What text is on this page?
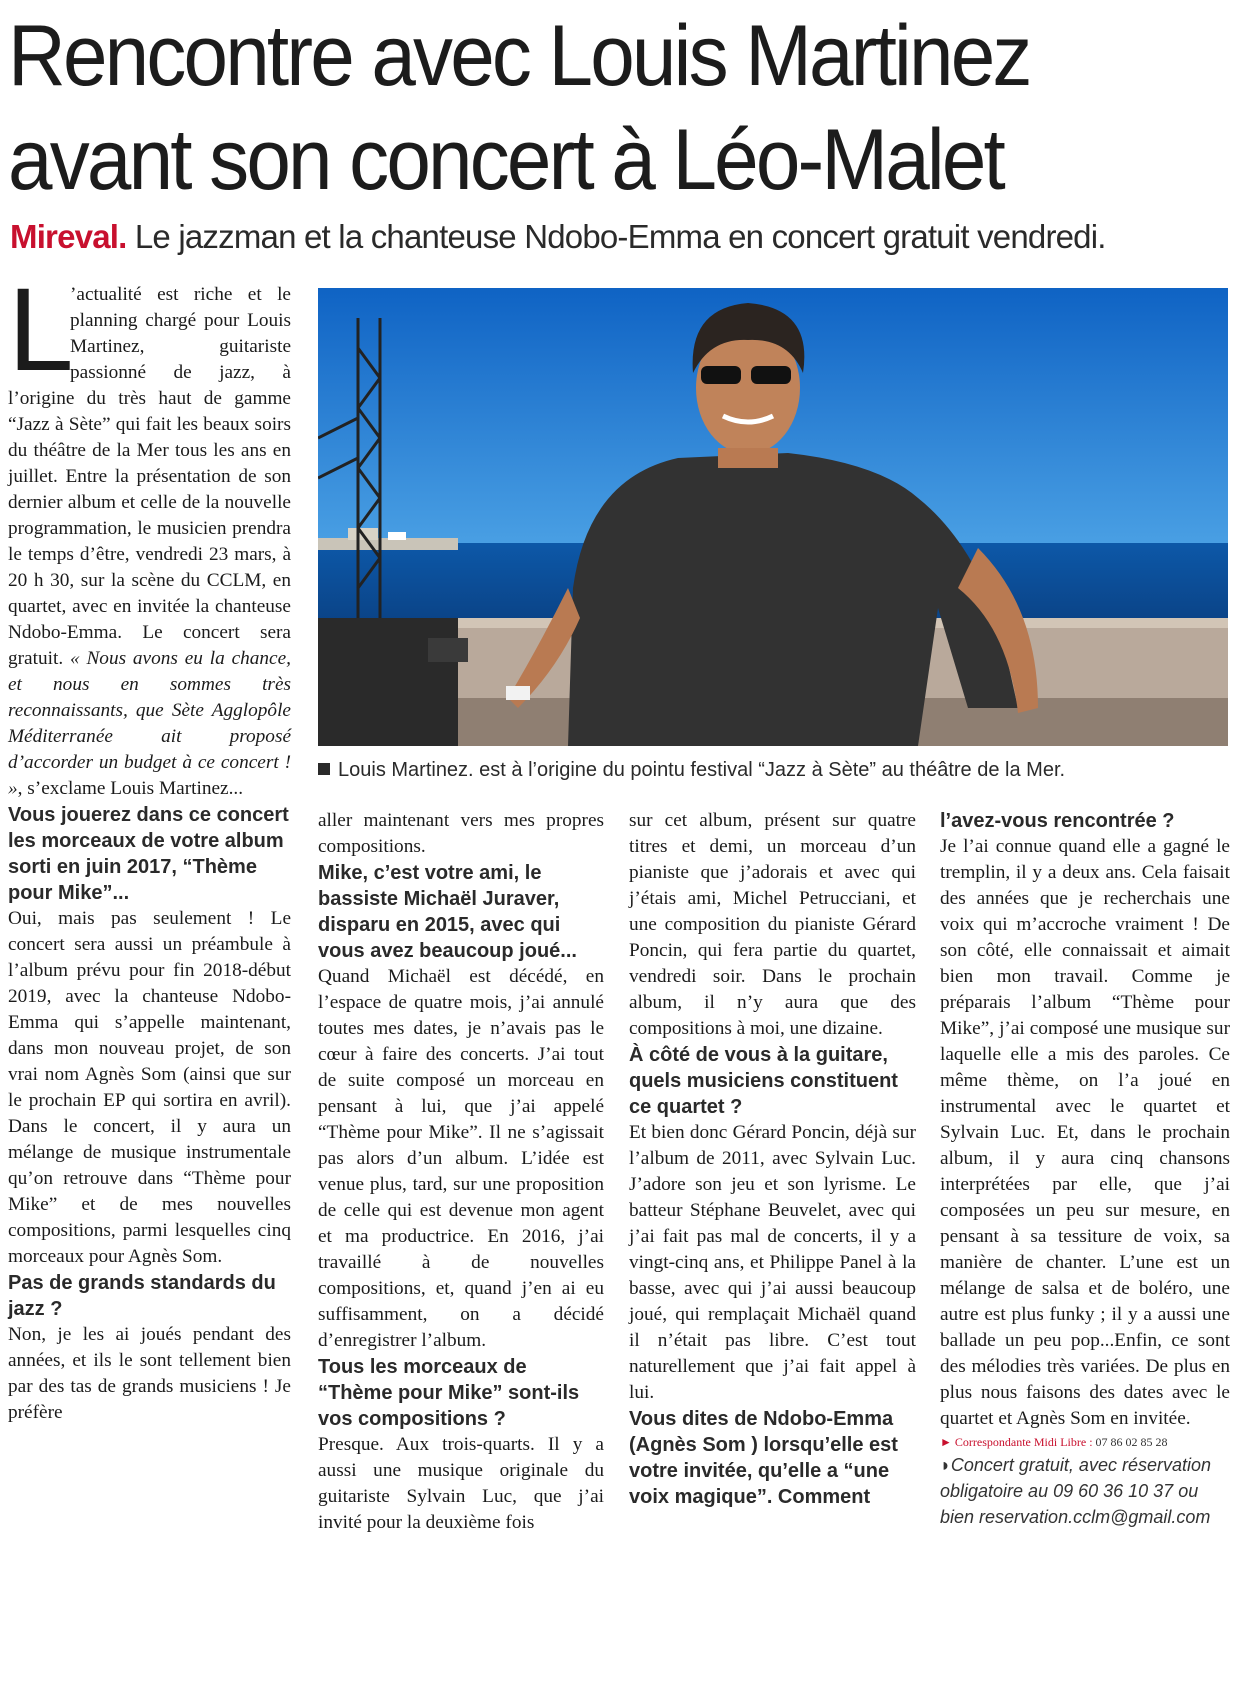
Rencontre avec Louis Martinez
avant son concert à Léo-Malet
Mireval. Le jazzman et la chanteuse Ndobo-Emma en concert gratuit vendredi.

L
’actualité est riche et le planning chargé pour Louis Martinez, guitariste passionné de jazz, à l’origine du très haut de gamme “Jazz à Sète” qui fait les beaux soirs du théâtre de la Mer tous les ans en juillet. Entre la présentation de son dernier album et celle de la nouvelle programmation, le musicien prendra le temps d’être, vendredi 23 mars, à 20 h 30, sur la scène du CCLM, en quartet, avec en invitée la chanteuse Ndobo-Emma. Le concert sera gratuit. « Nous avons eu la chance, et nous en sommes très reconnaissants, que Sète Agglopôle Méditerranée ait proposé d’accorder un budget à ce concert ! », s’exclame Louis Martinez...

Vous jouerez dans ce concert les morceaux de votre album sorti en juin 2017, “Thème pour Mike”...

Oui, mais pas seulement ! Le concert sera aussi un préambule à l’album prévu pour fin 2018-début 2019, avec la chanteuse Ndobo-Emma qui s’appelle maintenant, dans mon nouveau projet, de son vrai nom Agnès Som (ainsi que sur le prochain EP qui sortira en avril). Dans le concert, il y aura un mélange de musique instrumentale qu’on retrouve dans “Thème pour Mike” et de mes nouvelles compositions, parmi lesquelles cinq morceaux pour Agnès Som.

Pas de grands standards du jazz ?

Non, je les ai joués pendant des années, et ils le sont tellement bien par des tas de grands musiciens ! Je préfère

Louis Martinez. est à l’origine du pointu festival “Jazz à Sète” au théâtre de la Mer.

aller maintenant vers mes propres compositions.

Mike, c’est votre ami, le bassiste Michaël Juraver, disparu en 2015, avec qui vous avez beaucoup joué...

Quand Michaël est décédé, en l’espace de quatre mois, j’ai annulé toutes mes dates, je n’avais pas le cœur à faire des concerts. J’ai tout de suite composé un morceau en pensant à lui, que j’ai appelé “Thème pour Mike”. Il ne s’agissait pas alors d’un album. L’idée est venue plus, tard, sur une proposition de celle qui est devenue mon agent et ma productrice. En 2016, j’ai travaillé à de nouvelles compositions, et, quand j’en ai eu suffisamment, on a décidé d’enregistrer l’album.

Tous les morceaux de “Thème pour Mike” sont-ils vos compositions ?

Presque. Aux trois-quarts. Il y a aussi une musique originale du guitariste Sylvain Luc, que j’ai invité pour la deuxième fois

sur cet album, présent sur quatre titres et demi, un morceau d’un pianiste que j’adorais et avec qui j’étais ami, Michel Petrucciani, et une composition du pianiste Gérard Poncin, qui fera partie du quartet, vendredi soir. Dans le prochain album, il n’y aura que des compositions à moi, une dizaine.

À côté de vous à la guitare, quels musiciens constituent ce quartet ?

Et bien donc Gérard Poncin, déjà sur l’album de 2011, avec Sylvain Luc. J’adore son jeu et son lyrisme. Le batteur Stéphane Beuvelet, avec qui j’ai fait pas mal de concerts, il y a vingt-cinq ans, et Philippe Panel à la basse, avec qui j’ai aussi beaucoup joué, qui remplaçait Michaël quand il n’était pas libre. C’est tout naturellement que j’ai fait appel à lui.

Vous dites de Ndobo-Emma (Agnès Som ) lorsqu’elle est votre invitée, qu’elle a “une voix magique”. Comment

l’avez-vous rencontrée ?

Je l’ai connue quand elle a gagné le tremplin, il y a deux ans. Cela faisait des années que je recherchais une voix qui m’accroche vraiment ! De son côté, elle connaissait et aimait bien mon travail. Comme je préparais l’album “Thème pour Mike”, j’ai composé une musique sur laquelle elle a mis des paroles. Ce même thème, on l’a joué en instrumental avec le quartet et Sylvain Luc. Et, dans le prochain album, il y aura cinq chansons interprétées par elle, que j’ai composées un peu sur mesure, en pensant à sa tessiture de voix, sa manière de chanter. L’une est un mélange de salsa et de boléro, une autre est plus funky ; il y a aussi une ballade un peu pop...Enfin, ce sont des mélodies très variées. De plus en plus nous faisons des dates avec le quartet et Agnès Som en invitée.

► Correspondante Midi Libre : 07 86 02 85 28

◗Concert gratuit, avec réservation obligatoire au 09 60 36 10 37 ou bien reservation.cclm@gmail.com
